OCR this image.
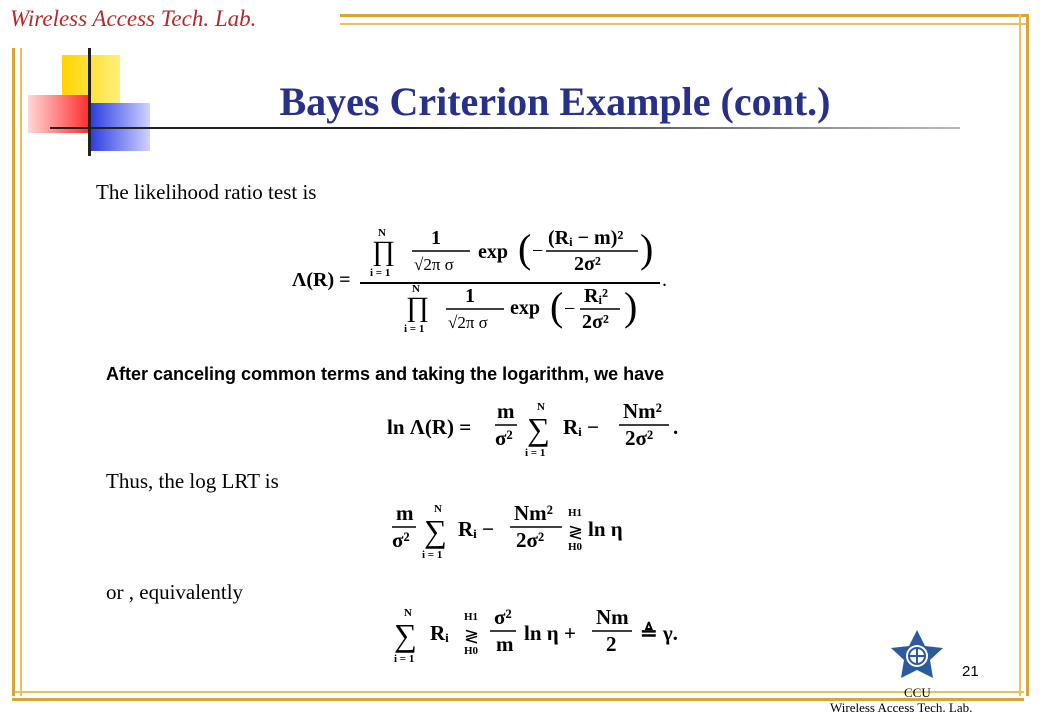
Wireless Access Tech. Lab.
Bayes Criterion Example (cont.)
The likelihood ratio test is
Λ(R) =
N
∏
i = 1
1
√2π σ
exp ( −
(Rᵢ − m)²
2σ² )
.
N
∏
i = 1
1
√2π σ
exp ( −
Rᵢ²
2σ² )
After canceling common terms and taking the logarithm, we have
ln Λ(R) =
m
σ²
N
∑
i = 1
Rᵢ −
Nm²
2σ² .
Thus, the log LRT is
m
σ²
N
∑
i = 1
Rᵢ −
Nm²
2σ²
H1
≷
H0
ln η
or , equivalently
N
∑
i = 1
Rᵢ
H1
≷
H0
σ²
m ln η +
Nm
2 ≜ γ.
21
CCU
Wireless Access Tech. Lab.
